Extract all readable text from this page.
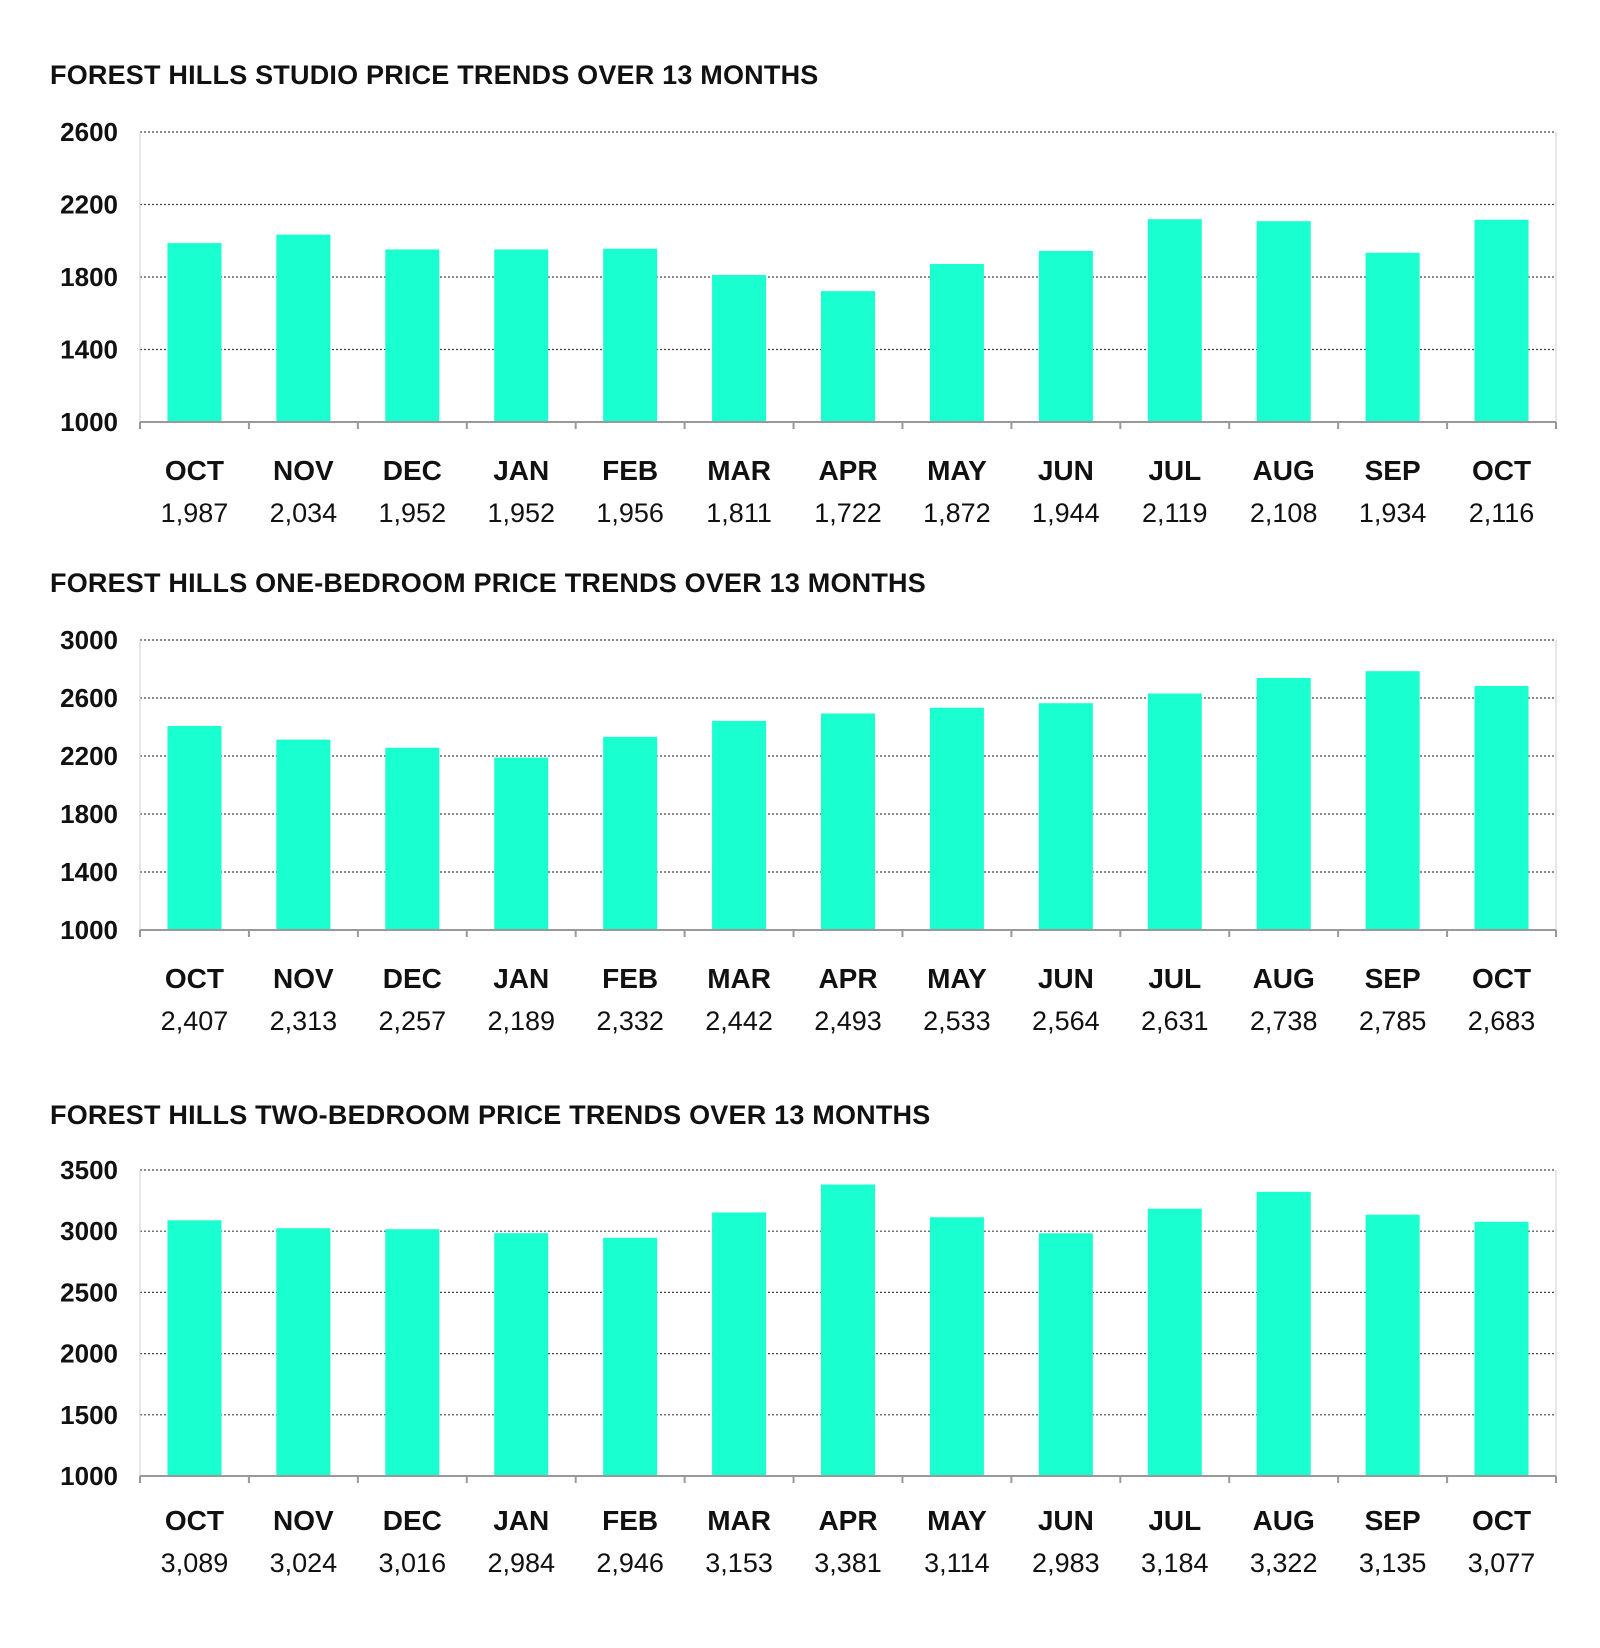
FOREST HILLS STUDIO PRICE TRENDS OVER 13 MONTHS
1000
1400
1800
2200
2600
OCT
1,987
NOV
2,034
DEC
1,952
JAN
1,952
FEB
1,956
MAR
1,811
APR
1,722
MAY
1,872
JUN
1,944
JUL
2,119
AUG
2,108
SEP
1,934
OCT
2,116
FOREST HILLS ONE-BEDROOM PRICE TRENDS OVER 13 MONTHS
1000
1400
1800
2200
2600
3000
OCT
2,407
NOV
2,313
DEC
2,257
JAN
2,189
FEB
2,332
MAR
2,442
APR
2,493
MAY
2,533
JUN
2,564
JUL
2,631
AUG
2,738
SEP
2,785
OCT
2,683
FOREST HILLS TWO-BEDROOM PRICE TRENDS OVER 13 MONTHS
1000
1500
2000
2500
3000
3500
OCT
3,089
NOV
3,024
DEC
3,016
JAN
2,984
FEB
2,946
MAR
3,153
APR
3,381
MAY
3,114
JUN
2,983
JUL
3,184
AUG
3,322
SEP
3,135
OCT
3,077
